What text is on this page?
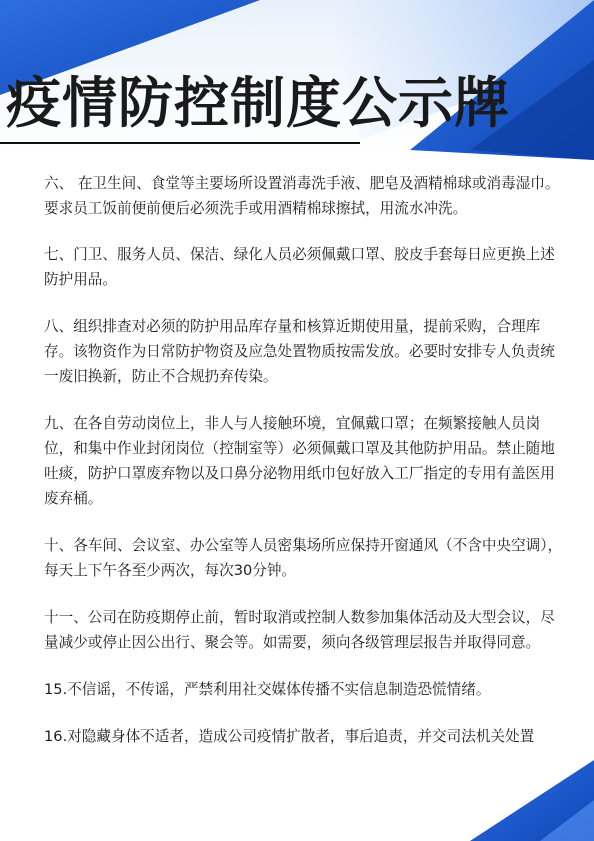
疫情防控制度公示牌

六、 在卫生间、食堂等主要场所设置消毒洗手液、肥皂及酒精棉球或消毒湿巾。要求员工饭前便前便后必须洗手或用酒精棉球擦拭，用流水冲洗。

七、门卫、服务人员、保洁、绿化人员必须佩戴口罩、胶皮手套每日应更换上述防护用品。

八、组织排查对必须的防护用品库存量和核算近期使用量，提前采购，合理库存。该物资作为日常防护物资及应急处置物质按需发放。必要时安排专人负责统一废旧换新，防止不合规扔弃传染。

九、在各自劳动岗位上，非人与人接触环境，宜佩戴口罩；在频繁接触人员岗位，和集中作业封闭岗位（控制室等）必须佩戴口罩及其他防护用品。禁止随地吐痰，防护口罩废弃物以及口鼻分泌物用纸巾包好放入工厂指定的专用有盖医用废弃桶。

十、各车间、会议室、办公室等人员密集场所应保持开窗通风（不含中央空调），每天上下午各至少两次，每次30分钟。

十一、公司在防疫期停止前，暂时取消或控制人数参加集体活动及大型会议，尽量减少或停止因公出行、聚会等。如需要，须向各级管理层报告并取得同意。

15.不信谣，不传谣，严禁利用社交媒体传播不实信息制造恐慌情绪。

16.对隐藏身体不适者，造成公司疫情扩散者，事后追责，并交司法机关处置
